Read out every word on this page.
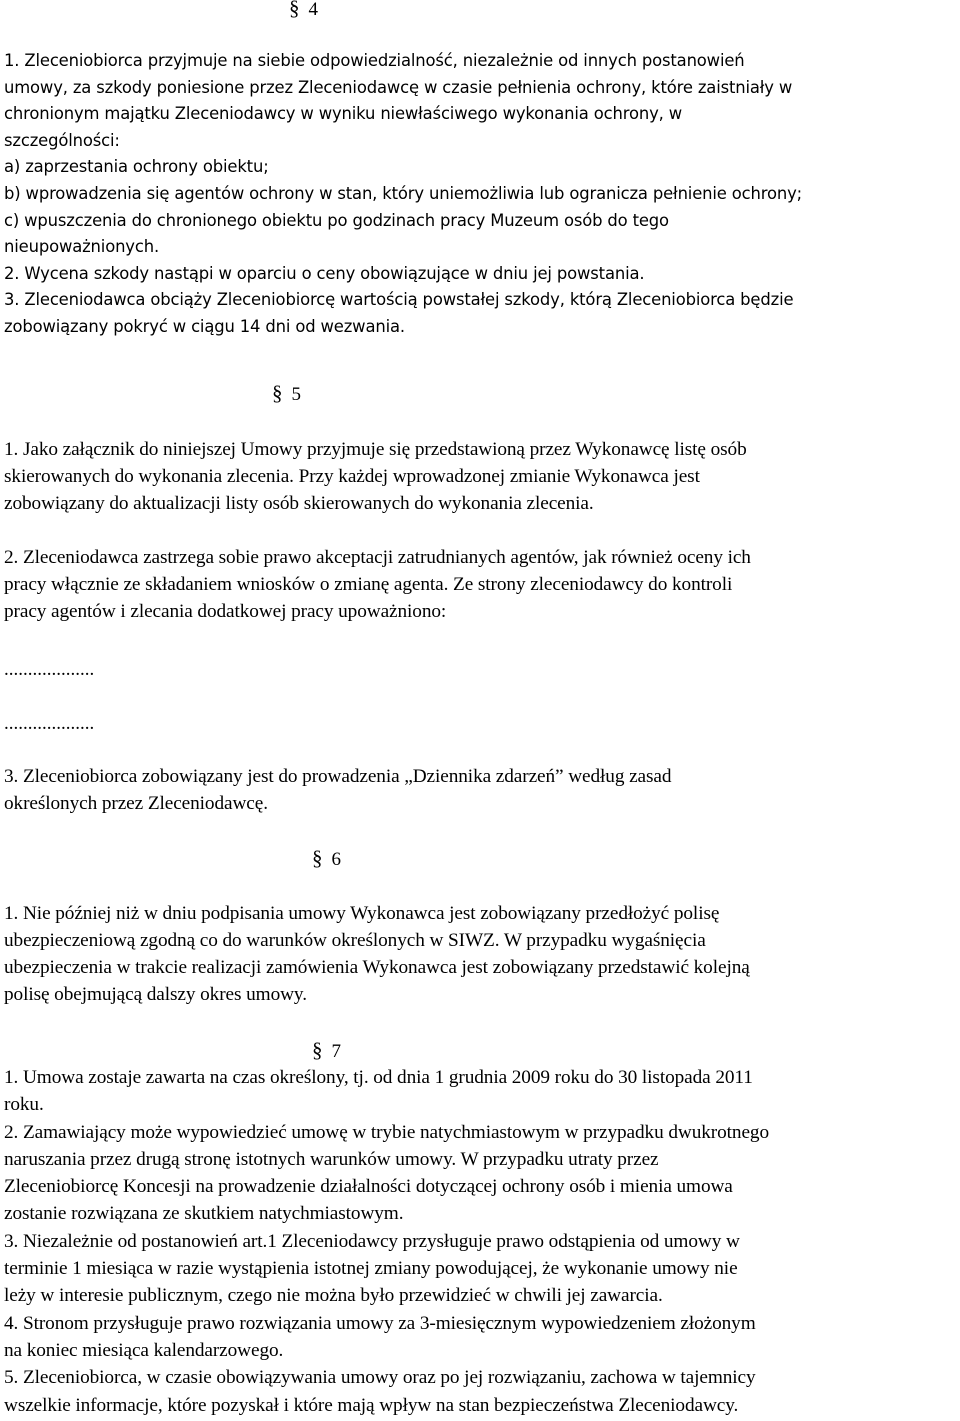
§ 4
1. Zleceniobiorca przyjmuje na siebie odpowiedzialność, niezależnie od innych postanowień
umowy, za szkody poniesione przez Zleceniodawcę w czasie pełnienia ochrony, które zaistniały w
chronionym majątku Zleceniodawcy w wyniku niewłaściwego wykonania ochrony, w
szczególności:
a) zaprzestania ochrony obiektu;
b) wprowadzenia się agentów ochrony w stan, który uniemożliwia lub ogranicza pełnienie ochrony;
c) wpuszczenia do chronionego obiektu po godzinach pracy Muzeum osób do tego
nieupoważnionych.
2. Wycena szkody nastąpi w oparciu o ceny obowiązujące w dniu jej powstania.
3. Zleceniodawca obciąży Zleceniobiorcę wartością powstałej szkody, którą Zleceniobiorca będzie
zobowiązany pokryć w ciągu 14 dni od wezwania.
§ 5
1. Jako załącznik do niniejszej Umowy przyjmuje się przedstawioną przez Wykonawcę listę osób
skierowanych do wykonania zlecenia. Przy każdej wprowadzonej zmianie Wykonawca jest
zobowiązany do aktualizacji listy osób skierowanych do wykonania zlecenia.
2. Zleceniodawca zastrzega sobie prawo akceptacji zatrudnianych agentów, jak również oceny ich
pracy włącznie ze składaniem wniosków o zmianę agenta. Ze strony zleceniodawcy do kontroli
pracy agentów i zlecania dodatkowej pracy upoważniono:
...................
...................
3. Zleceniobiorca zobowiązany jest do prowadzenia „Dziennika zdarzeń” według zasad
określonych przez Zleceniodawcę.
§ 6
1. Nie później niż w dniu podpisania umowy Wykonawca jest zobowiązany przedłożyć polisę
ubezpieczeniową zgodną co do warunków określonych w SIWZ. W przypadku wygaśnięcia
ubezpieczenia w trakcie realizacji zamówienia Wykonawca jest zobowiązany przedstawić kolejną
polisę obejmującą dalszy okres umowy.
§ 7
1. Umowa zostaje zawarta na czas określony, tj. od dnia 1 grudnia 2009 roku do 30 listopada 2011
roku.
2. Zamawiający może wypowiedzieć umowę w trybie natychmiastowym w przypadku dwukrotnego
naruszania przez drugą stronę istotnych warunków umowy. W przypadku utraty przez
Zleceniobiorcę Koncesji na prowadzenie działalności dotyczącej ochrony osób i mienia umowa
zostanie rozwiązana ze skutkiem natychmiastowym.
3. Niezależnie od postanowień art.1 Zleceniodawcy przysługuje prawo odstąpienia od umowy w
terminie 1 miesiąca w razie wystąpienia istotnej zmiany powodującej, że wykonanie umowy nie
leży w interesie publicznym, czego nie można było przewidzieć w chwili jej zawarcia.
4. Stronom przysługuje prawo rozwiązania umowy za 3-miesięcznym wypowiedzeniem złożonym
na koniec miesiąca kalendarzowego.
5. Zleceniobiorca, w czasie obowiązywania umowy oraz po jej rozwiązaniu, zachowa w tajemnicy
wszelkie informacje, które pozyskał i które mają wpływ na stan bezpieczeństwa Zleceniodawcy.
